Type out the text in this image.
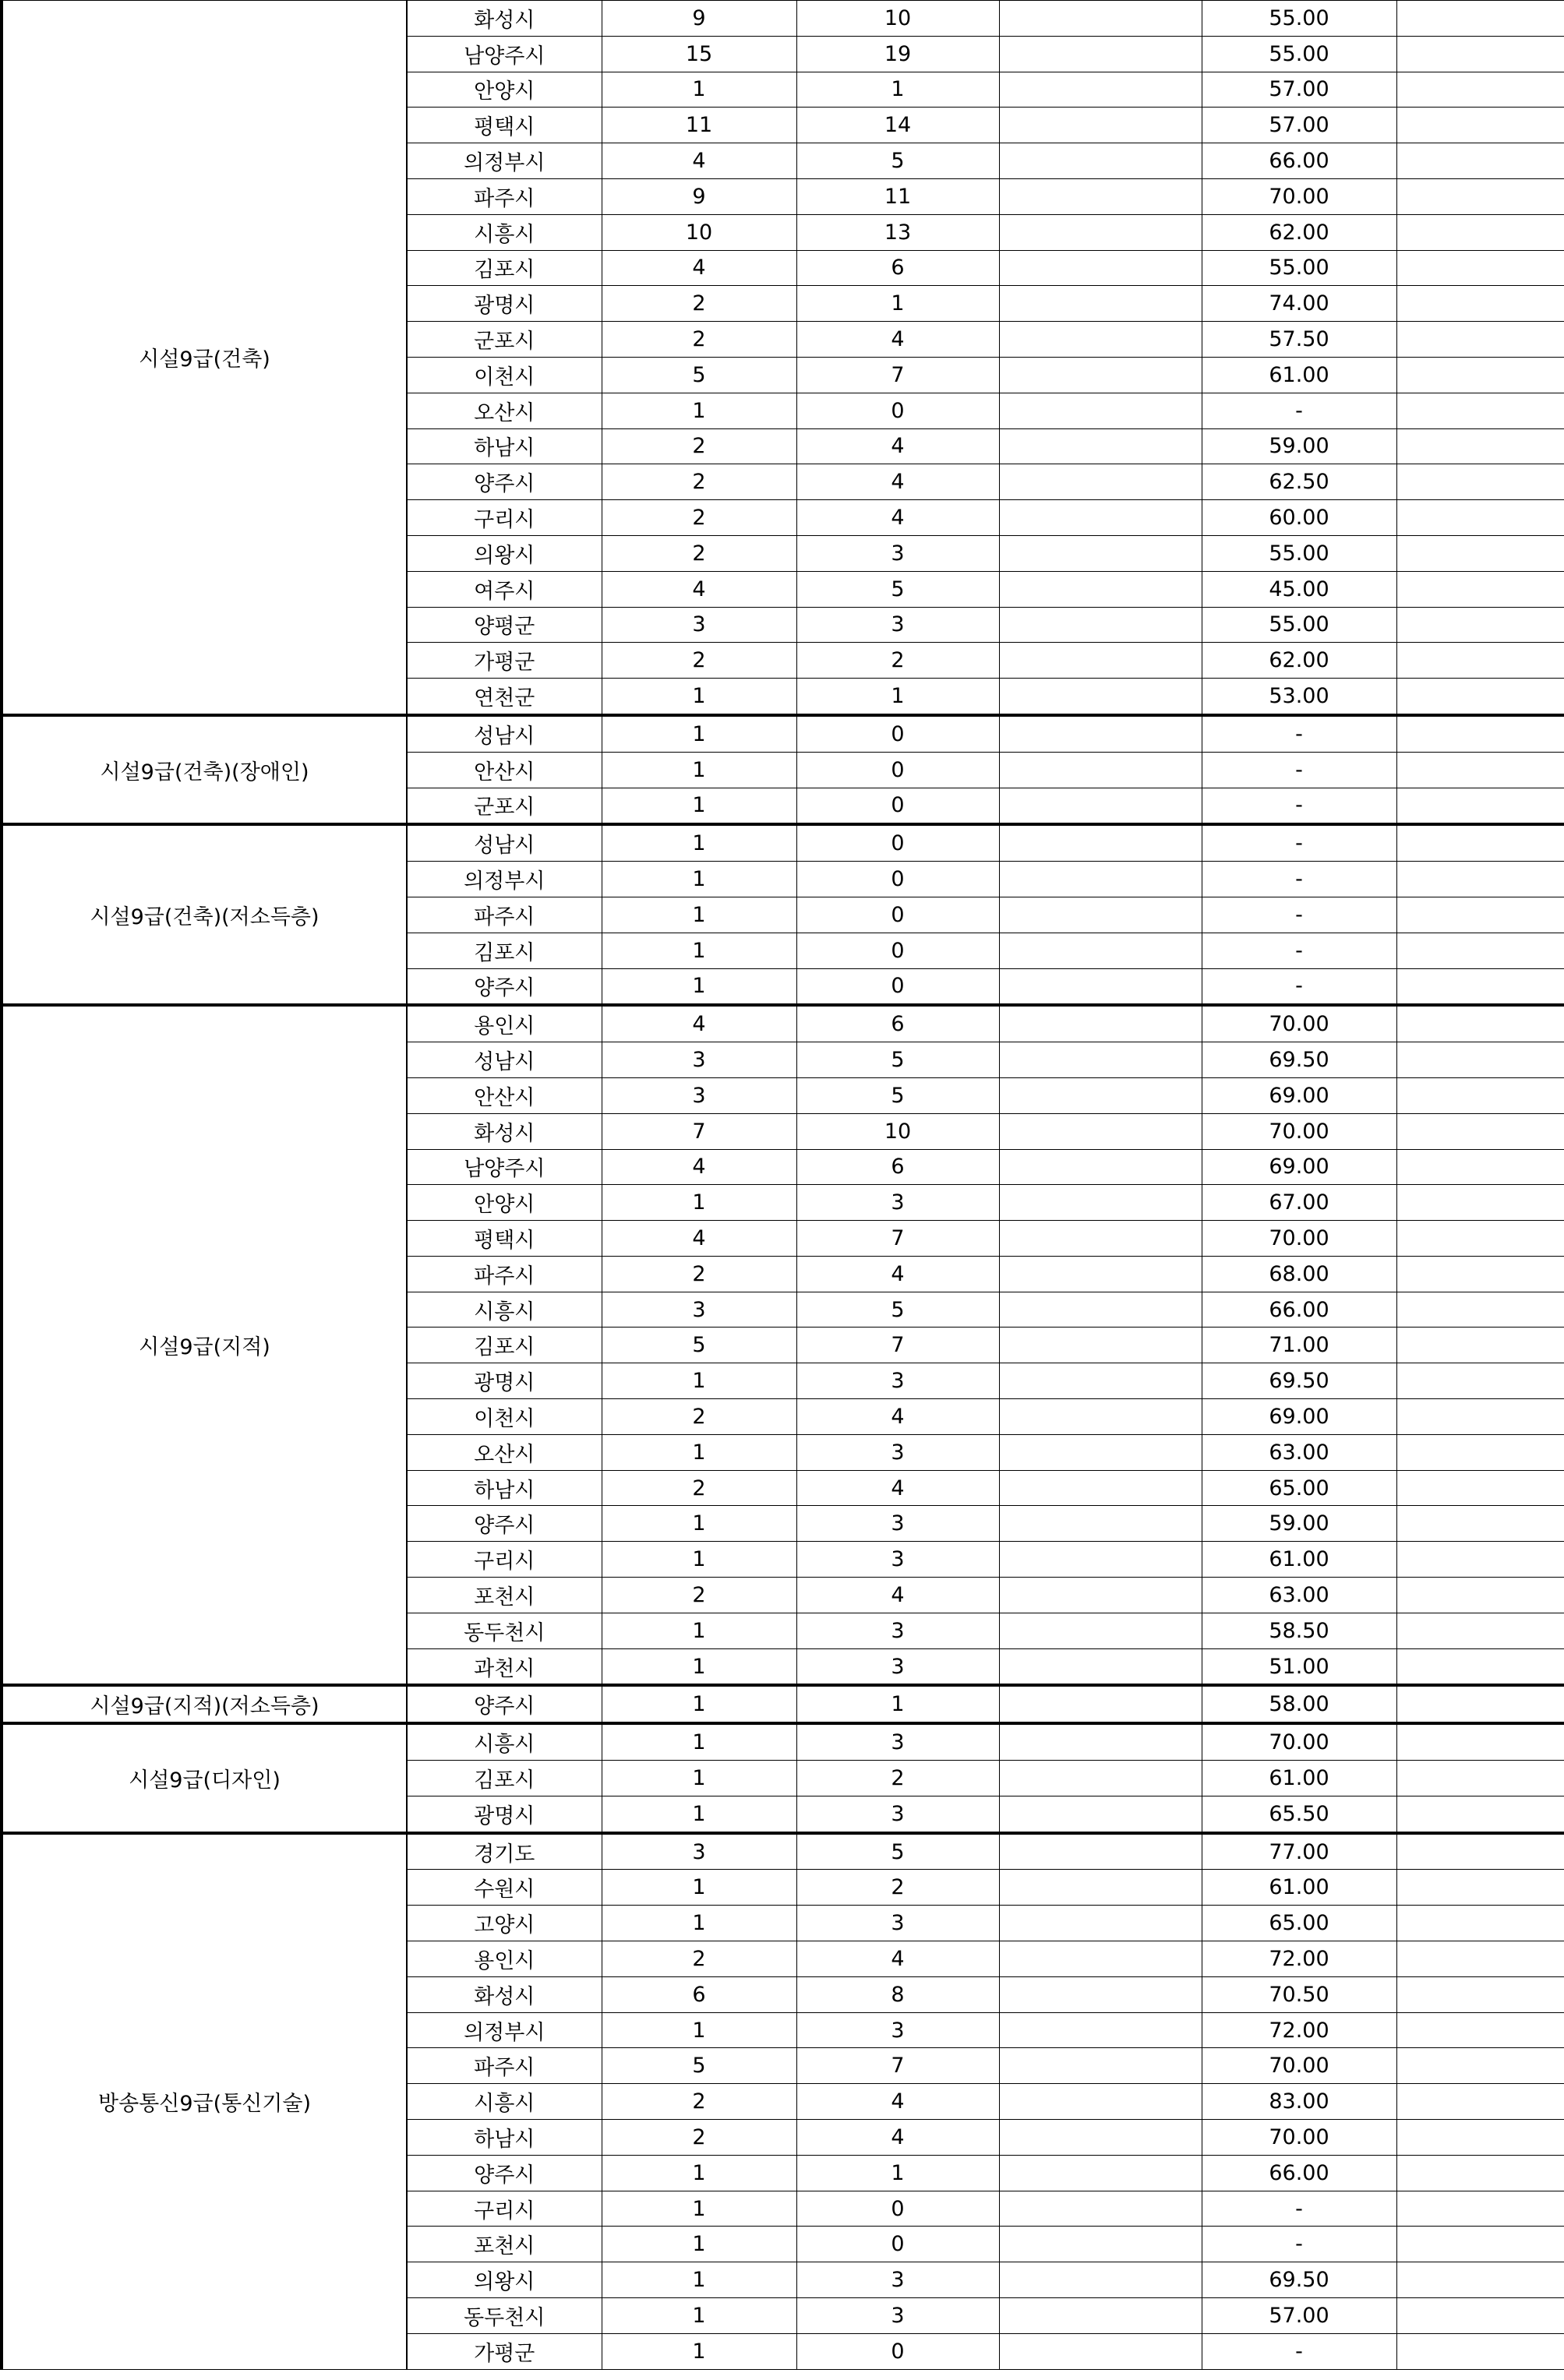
시설9급(건축)	화성시	9	10		55.00	
	남양주시	15	19		55.00	
	안양시	1	1		57.00	
	평택시	11	14		57.00	
	의정부시	4	5		66.00	
	파주시	9	11		70.00	
	시흥시	10	13		62.00	
	김포시	4	6		55.00	
	광명시	2	1		74.00	
	군포시	2	4		57.50	
	이천시	5	7		61.00	
	오산시	1	0		-	
	하남시	2	4		59.00	
	양주시	2	4		62.50	
	구리시	2	4		60.00	
	의왕시	2	3		55.00	
	여주시	4	5		45.00	
	양평군	3	3		55.00	
	가평군	2	2		62.00	
	연천군	1	1		53.00	
시설9급(건축)(장애인)	성남시	1	0		-	
	안산시	1	0		-	
	군포시	1	0		-	
시설9급(건축)(저소득층)	성남시	1	0		-	
	의정부시	1	0		-	
	파주시	1	0		-	
	김포시	1	0		-	
	양주시	1	0		-	
시설9급(지적)	용인시	4	6		70.00	
	성남시	3	5		69.50	
	안산시	3	5		69.00	
	화성시	7	10		70.00	
	남양주시	4	6		69.00	
	안양시	1	3		67.00	
	평택시	4	7		70.00	
	파주시	2	4		68.00	
	시흥시	3	5		66.00	
	김포시	5	7		71.00	
	광명시	1	3		69.50	
	이천시	2	4		69.00	
	오산시	1	3		63.00	
	하남시	2	4		65.00	
	양주시	1	3		59.00	
	구리시	1	3		61.00	
	포천시	2	4		63.00	
	동두천시	1	3		58.50	
	과천시	1	3		51.00	
시설9급(지적)(저소득층)	양주시	1	1		58.00	
시설9급(디자인)	시흥시	1	3		70.00	
	김포시	1	2		61.00	
	광명시	1	3		65.50	
방송통신9급(통신기술)	경기도	3	5		77.00	
	수원시	1	2		61.00	
	고양시	1	3		65.00	
	용인시	2	4		72.00	
	화성시	6	8		70.50	
	의정부시	1	3		72.00	
	파주시	5	7		70.00	
	시흥시	2	4		83.00	
	하남시	2	4		70.00	
	양주시	1	1		66.00	
	구리시	1	0		-	
	포천시	1	0		-	
	의왕시	1	3		69.50	
	동두천시	1	3		57.00	
	가평군	1	0		-	
